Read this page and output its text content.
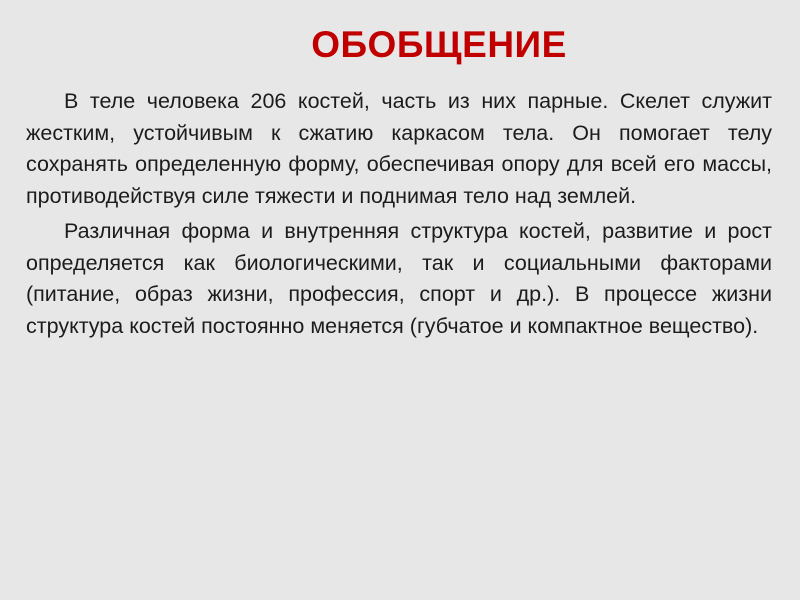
ОБОБЩЕНИЕ

В теле человека 206 костей, часть из них парные. Скелет служит жестким, устойчивым к сжатию каркасом тела. Он помогает телу сохранять определенную форму, обеспечивая опору для всей его массы, противодействуя силе тяжести и поднимая тело над землей.

Различная форма и внутренняя структура костей, развитие и рост определяется как биологическими, так и социальными факторами (питание, образ жизни, профессия, спорт и др.). В процессе жизни структура костей постоянно меняется (губчатое и компактное вещество).
